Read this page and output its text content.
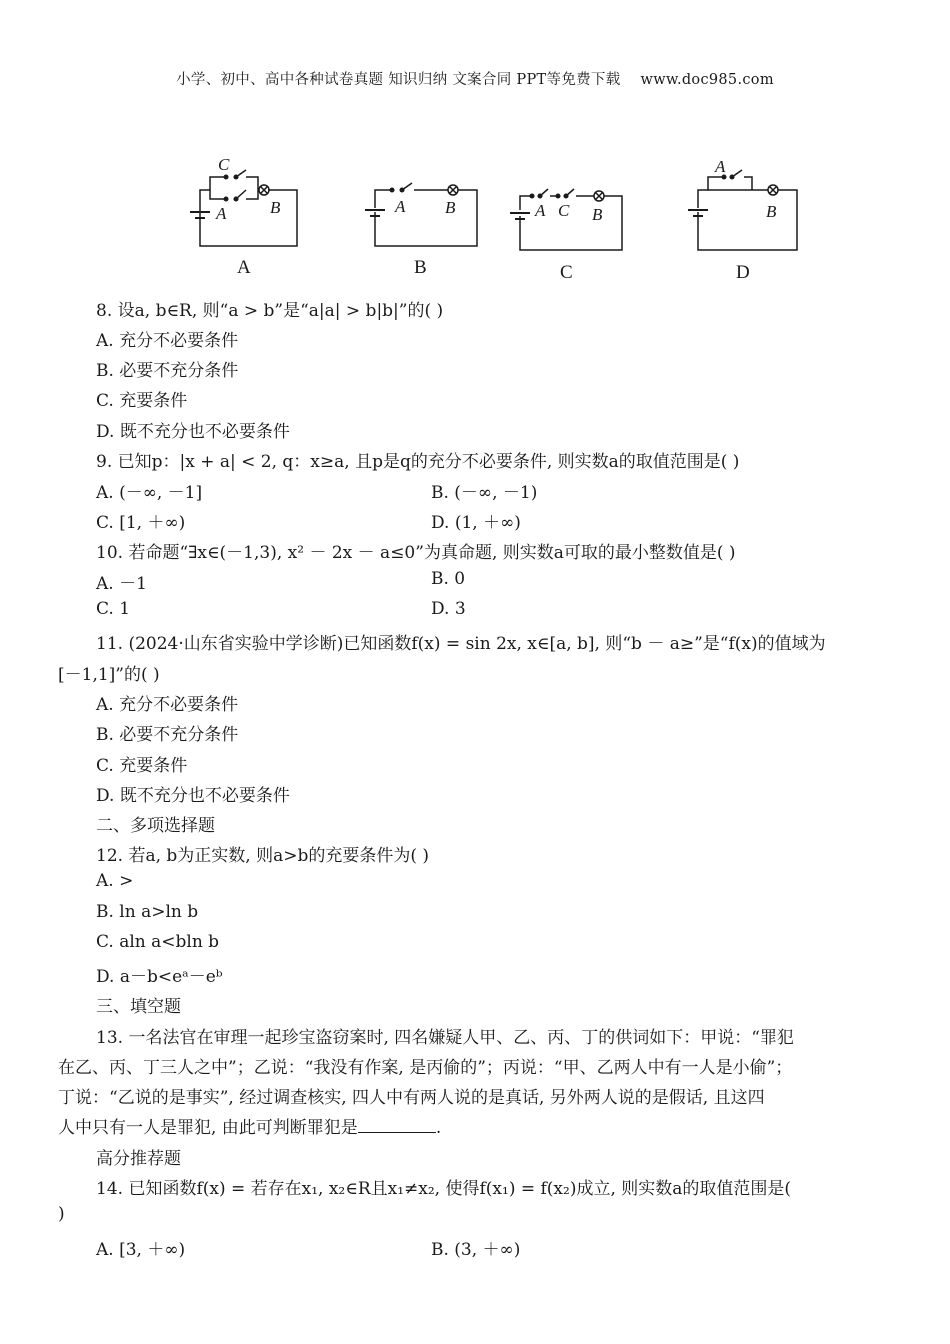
小学、初中、高中各种试卷真题 知识归纳 文案合同 PPT等免费下载 www.doc985.com
C
A	B
A
A B
B
A C B
C
A
B
D
8. 设a, b∈R, 则“a > b”是“a|a| > b|b|”的( )
A. 充分不必要条件
B. 必要不充分条件
C. 充要条件
D. 既不充分也不必要条件
9. 已知p：|x + a| < 2, q：x≥a, 且p是q的充分不必要条件, 则实数a的取值范围是( )
A. (－∞, －1]	B. (－∞, －1)
C. [1, ＋∞)	D. (1, ＋∞)
10. 若命题“∃x∈(－1,3), x² － 2x － a≤0”为真命题, 则实数a可取的最小整数值是( )
A. －1	B. 0
C. 1	D. 3
11. (2024·山东省实验中学诊断)已知函数f(x) = sin 2x, x∈[a, b], 则“b － a≥”是“f(x)的值域为
[－1,1]”的( )
A. 充分不必要条件
B. 必要不充分条件
C. 充要条件
D. 既不充分也不必要条件
二、多项选择题
12. 若a, b为正实数, 则a>b的充要条件为( )
A. >
B. ln a>ln b
C. aln a<bln b
D. a－b<eᵃ－eᵇ
三、填空题
13. 一名法官在审理一起珍宝盗窃案时, 四名嫌疑人甲、乙、丙、丁的供词如下：甲说：“罪犯
在乙、丙、丁三人之中”；乙说：“我没有作案, 是丙偷的”；丙说：“甲、乙两人中有一人是小偷”；
丁说：“乙说的是事实”, 经过调查核实, 四人中有两人说的是真话, 另外两人说的是假话, 且这四
人中只有一人是罪犯, 由此可判断罪犯是	.
高分推荐题
14. 已知函数f(x) = 若存在x₁, x₂∈R且x₁≠x₂, 使得f(x₁) = f(x₂)成立, 则实数a的取值范围是(
)
A. [3, ＋∞)	B. (3, ＋∞)
